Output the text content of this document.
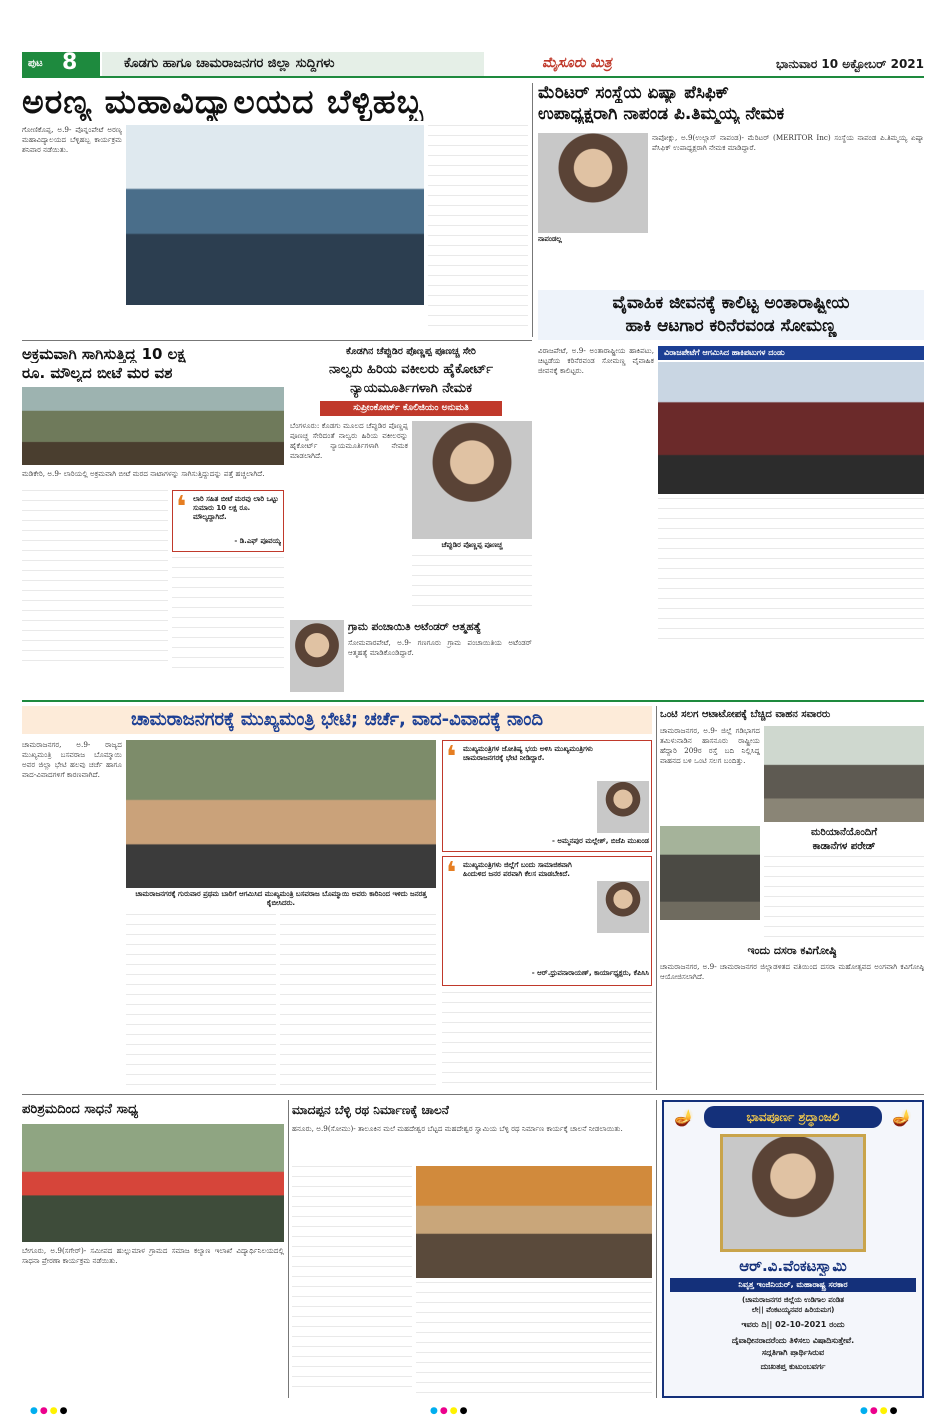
ಪುಟ 8	ಕೊಡಗು ಹಾಗೂ ಚಾಮರಾಜನಗರ ಜಿಲ್ಲಾ ಸುದ್ದಿಗಳು	ಮೈಸೂರು ಮಿತ್ರ	ಭಾನುವಾರ 10 ಅಕ್ಟೋಬರ್ 2021
ಅರಣ್ಯ ಮಹಾವಿದ್ಯಾಲಯದ ಬೆಳ್ಳಿಹಬ್ಬ
ಗೋಣಿಕೊಪ್ಪ, ಅ.9- ಪೊನ್ನಂಪೇಟೆ ಅರಣ್ಯ ಮಹಾವಿದ್ಯಾಲಯದ ಬೆಳ್ಳಿಹಬ್ಬ ಕಾರ್ಯಕ್ರಮ ಶನಿವಾರ ನಡೆಯಿತು.
ಮೆರಿಟರ್ ಸಂಸ್ಥೆಯ ಏಷ್ಯಾ ಪೆಸಿಫಿಕ್
ಉಪಾಧ್ಯಕ್ಷರಾಗಿ ನಾಪಂಡ ಪಿ.ತಿಮ್ಮಯ್ಯ ನೇಮಕ
ನಾಪಂಡಲ್ಲ
ನಾಪೋಕ್ಲು, ಅ.9(ಉಲ್ಲಾಸ್ ನಾಪಂಡ)- ಮೆರಿಟರ್ (MERITOR Inc) ಸಂಸ್ಥೆಯ ನಾಪಂಡ ಪಿ.ತಿಮ್ಮಯ್ಯ ಏಷ್ಯಾ ಪೆಸಿಫಿಕ್ ಉಪಾಧ್ಯಕ್ಷರಾಗಿ ನೇಮಕ ಮಾಡಿದ್ದಾರೆ.
ವೈವಾಹಿಕ ಜೀವನಕ್ಕೆ ಕಾಲಿಟ್ಟ ಅಂತಾರಾಷ್ಟ್ರೀಯ
ಹಾಕಿ ಆಟಗಾರ ಕರಿನೆರವಂಡ ಸೋಮಣ್ಣ
ವಿರಾಜಪೇಟೆ, ಅ.9- ಅಂತಾರಾಷ್ಟ್ರೀಯ ಹಾಕಿಪಟು, ಚಿಟ್ಟಡೆಯ ಕರಿನೆರವಂಡ ಸೋಮಣ್ಣ ವೈವಾಹಿಕ ಜೀವನಕ್ಕೆ ಕಾಲಿಟ್ಟರು.
ವಿರಾಜಪೇಟೆಗೆ ಆಗಮಿಸಿದ ಹಾಕಿಪಟುಗಳ ದಂಡು
ಅಕ್ರಮವಾಗಿ ಸಾಗಿಸುತ್ತಿದ್ದ 10 ಲಕ್ಷ
ರೂ. ಮೌಲ್ಯದ ಬೀಟೆ ಮರ ವಶ
ಮಡಿಕೇರಿ, ಅ.9- ಲಾರಿಯಲ್ಲಿ ಅಕ್ರಮವಾಗಿ ಬೀಟೆ ಮರದ ನಾಟಾಗಳನ್ನು ಸಾಗಿಸುತ್ತಿದ್ದುದನ್ನು ಪತ್ತೆ ಹಚ್ಚಲಾಗಿದೆ.
❛ ಲಾರಿ ಸಹಿತ ಬೀಟೆ ಮರವು ಲಾರಿ ಒಟ್ಟು ಸುಮಾರು 10 ಲಕ್ಷ ರೂ. ಮೌಲ್ಯದ್ದಾಗಿದೆ.
- ಡಿ.ಎಫ್ ಪೂವಯ್ಯ
ಕೊಡಗಿನ ಚೆಪ್ಪುಡಿರ ಪೊಣ್ಣಪ್ಪ ಪೂಣಚ್ಚ ಸೇರಿ
ನಾಲ್ವರು ಹಿರಿಯ ವಕೀಲರು ಹೈಕೋರ್ಟ್
ನ್ಯಾಯಮೂರ್ತಿಗಳಾಗಿ ನೇಮಕ
ಸುಪ್ರೀಂಕೋರ್ಟ್ ಕೊಲಿಜಿಯಂ ಅನುಮತಿ
ಬೆಂಗಳೂರು: ಕೊಡಗು ಮೂಲದ ಚೆಪ್ಪುಡಿರ ಪೊಣ್ಣಪ್ಪ ಪೂಣಚ್ಚ ಸೇರಿದಂತೆ ನಾಲ್ವರು ಹಿರಿಯ ವಕೀಲರನ್ನು ಹೈಕೋರ್ಟ್ ನ್ಯಾಯಮೂರ್ತಿಗಳಾಗಿ ನೇಮಕ ಮಾಡಲಾಗಿದೆ.
ಚೆಪ್ಪುಡಿರ ಪೊಣ್ಣಪ್ಪ ಪೂಣಚ್ಚ
ಗ್ರಾಮ ಪಂಚಾಯಿತಿ ಅಟೆಂಡರ್ ಆತ್ಮಹತ್ಯೆ
ಸೋಮವಾರಪೇಟೆ, ಅ.9- ಗಣಗೂರು ಗ್ರಾಮ ಪಂಚಾಯಿತಿಯ ಅಟೆಂಡರ್ ಆತ್ಮಹತ್ಯೆ ಮಾಡಿಕೊಂಡಿದ್ದಾರೆ.
ಚಾಮರಾಜನಗರಕ್ಕೆ ಮುಖ್ಯಮಂತ್ರಿ ಭೇಟಿ; ಚರ್ಚೆ, ವಾದ-ವಿವಾದಕ್ಕೆ ನಾಂದಿ
ಚಾಮರಾಜನಗರ, ಅ.9- ರಾಜ್ಯದ ಮುಖ್ಯಮಂತ್ರಿ ಬಸವರಾಜ ಬೊಮ್ಮಾಯಿ ಅವರ ಜಿಲ್ಲಾ ಭೇಟಿ ಹಲವು ಚರ್ಚೆ ಹಾಗೂ ವಾದ-ವಿವಾದಗಳಿಗೆ ಕಾರಣವಾಗಿದೆ.
ಚಾಮರಾಜನಗರಕ್ಕೆ ಗುರುವಾರ ಪ್ರಥಮ ಬಾರಿಗೆ ಆಗಮಿಸಿದ ಮುಖ್ಯಮಂತ್ರಿ ಬಸವರಾಜ ಬೊಮ್ಮಾಯಿ ಅವರು ಕಾರಿನಿಂದ ಇಳಿದು ಜನರತ್ತ ಕೈಬೀಸಿದರು.
❛ ಮುಖ್ಯಮಂತ್ರಿಗಳ ಜೋತಿಷ್ಯ ಭಯ ಅಳಿಸಿ ಮುಖ್ಯಮಂತ್ರಿಗಳು ಚಾಮರಾಜನಗರಕ್ಕೆ ಭೇಟಿ ನೀಡಿದ್ದಾರೆ.
- ಅಮ್ಮನಪುರ ಮಲ್ಲೇಶ್, ಬಿಜೆಪಿ ಮುಖಂಡ
❛ ಮುಖ್ಯಮಂತ್ರಿಗಳು ಜಿಲ್ಲೆಗೆ ಬಂದು ಸಾಮಾಜಿಕವಾಗಿ ಹಿಂದುಳಿದ ಜನರ ಪರವಾಗಿ ಕೆಲಸ ಮಾಡಬೇಕಿದೆ.
- ಆರ್.ಧ್ರುವನಾರಾಯಣ್, ಕಾರ್ಯಾಧ್ಯಕ್ಷರು, ಕೆಪಿಸಿಸಿ
ಒಂಟಿ ಸಲಗ ಆಟಾಟೋಪಕ್ಕೆ ಬೆಚ್ಚಿದ ವಾಹನ ಸವಾರರು
ಚಾಮರಾಜನಗರ, ಅ.9- ಜಿಲ್ಲೆ ಗಡಿಭಾಗದ ತಮಿಳುನಾಡಿನ ಹಾಸನೂರು ರಾಷ್ಟ್ರೀಯ ಹೆದ್ದಾರಿ 209ರ ರಸ್ತೆ ಬದಿ ನಿಲ್ಲಿಸಿದ್ದ ವಾಹನದ ಬಳಿ ಒಂಟಿ ಸಲಗ ಬಂದಿತ್ತು.
ಮರಿಯಾನೆಯೊಂದಿಗೆ
ಕಾಡಾನೆಗಳ ಪರೇಡ್
ಇಂದು ದಸರಾ ಕವಿಗೋಷ್ಠಿ
ಚಾಮರಾಜನಗರ, ಅ.9- ಚಾಮರಾಜನಗರ ಜಿಲ್ಲಾಡಳಿತದ ವತಿಯಿಂದ ದಸರಾ ಮಹೋತ್ಸವದ ಅಂಗವಾಗಿ ಕವಿಗೋಷ್ಠಿ ಆಯೋಜಿಸಲಾಗಿದೆ.
ಪರಿಶ್ರಮದಿಂದ ಸಾಧನೆ ಸಾಧ್ಯ
ಬೇಗೂರು, ಅ.9(ಸಗೇರ್)- ಸಮೀಪದ ಹುಲ್ಲುಮಾಳ ಗ್ರಾಮದ ಸಮಾಜ ಕಲ್ಯಾಣ ಇಲಾಖೆ ವಿದ್ಯಾರ್ಥಿನಿಲಯದಲ್ಲಿ ಸಾಧನಾ ಪ್ರೇರಣಾ ಕಾರ್ಯಕ್ರಮ ನಡೆಯಿತು.
ಮಾದಪ್ಪನ ಬೆಳ್ಳಿ ರಥ ನಿರ್ಮಾಣಕ್ಕೆ ಚಾಲನೆ
ಹನೂರು, ಅ.9(ಸೋಮು)- ತಾಲೂಕಿನ ಮಲೆ ಮಹದೇಶ್ವರ ಬೆಟ್ಟದ ಮಹದೇಶ್ವರ ಸ್ವಾಮಿಯ ಬೆಳ್ಳಿ ರಥ ನಿರ್ಮಾಣ ಕಾರ್ಯಕ್ಕೆ ಚಾಲನೆ ನೀಡಲಾಯಿತು.
ಭಾವಪೂರ್ಣ ಶ್ರದ್ಧಾಂಜಲಿ
🪔	🪔
ಆರ್.ವಿ.ವೆಂಕಟಸ್ವಾಮಿ
ನಿವೃತ್ತ ಇಂಜಿನಿಯರ್, ಮಹಾರಾಷ್ಟ್ರ ಸರಕಾರ
(ಚಾಮರಾಜನಗರ ಜಿಲ್ಲೆಯ ಉಡಿಗಾಲ ಪಂಡಿತ
ಲೇ|| ವೆಂಕಟಯ್ಯನವರ ಹಿರಿಯಮಗ)
ಇವರು ದಿ|| 02-10-2021 ರಂದು
ದೈವಾಧೀನರಾದರೆಂದು ತಿಳಿಸಲು ವಿಷಾದಿಸುತ್ತೇವೆ.
ಸದ್ಗತಿಗಾಗಿ ಪ್ರಾರ್ಥಿಸಿರುವ
ದುಃಖತಪ್ತ ಕುಟುಂಬವರ್ಗ
●●●●	●●●●	●●●●
